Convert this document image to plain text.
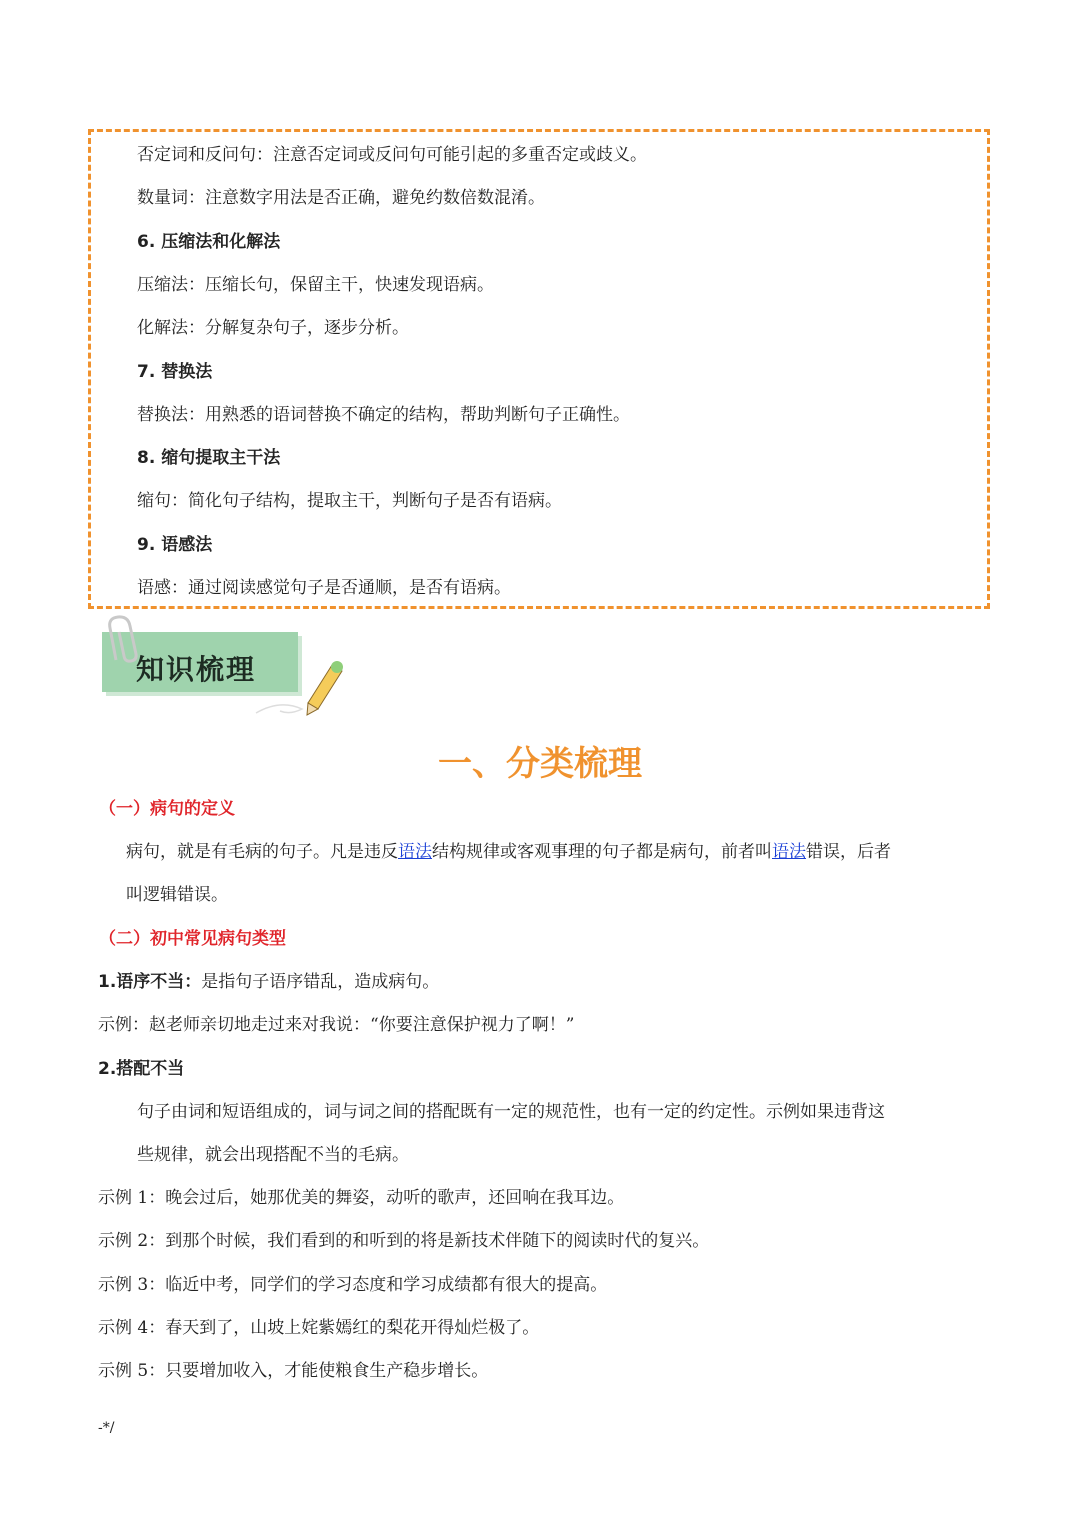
否定词和反问句：注意否定词或反问句可能引起的多重否定或歧义。
数量词：注意数字用法是否正确，避免约数倍数混淆。
6. 压缩法和化解法
压缩法：压缩长句，保留主干，快速发现语病。
化解法：分解复杂句子，逐步分析。
7. 替换法
替换法：用熟悉的语词替换不确定的结构，帮助判断句子正确性。
8. 缩句提取主干法
缩句：简化句子结构，提取主干，判断句子是否有语病。
9. 语感法
语感：通过阅读感觉句子是否通顺，是否有语病。
知识梳理
一、分类梳理
（一）病句的定义
病句，就是有毛病的句子。凡是违反语法结构规律或客观事理的句子都是病句，前者叫语法错误，后者
叫逻辑错误。
（二）初中常见病句类型
1.语序不当：是指句子语序错乱，造成病句。
示例：赵老师亲切地走过来对我说：“你要注意保护视力了啊！”
2.搭配不当
句子由词和短语组成的，词与词之间的搭配既有一定的规范性，也有一定的约定性。示例如果违背这
些规律，就会出现搭配不当的毛病。
示例 1：晚会过后，她那优美的舞姿，动听的歌声，还回响在我耳边。
示例 2：到那个时候，我们看到的和听到的将是新技术伴随下的阅读时代的复兴。
示例 3：临近中考，同学们的学习态度和学习成绩都有很大的提高。
示例 4：春天到了，山坡上姹紫嫣红的梨花开得灿烂极了。
示例 5：只要增加收入，才能使粮食生产稳步增长。
-*/
